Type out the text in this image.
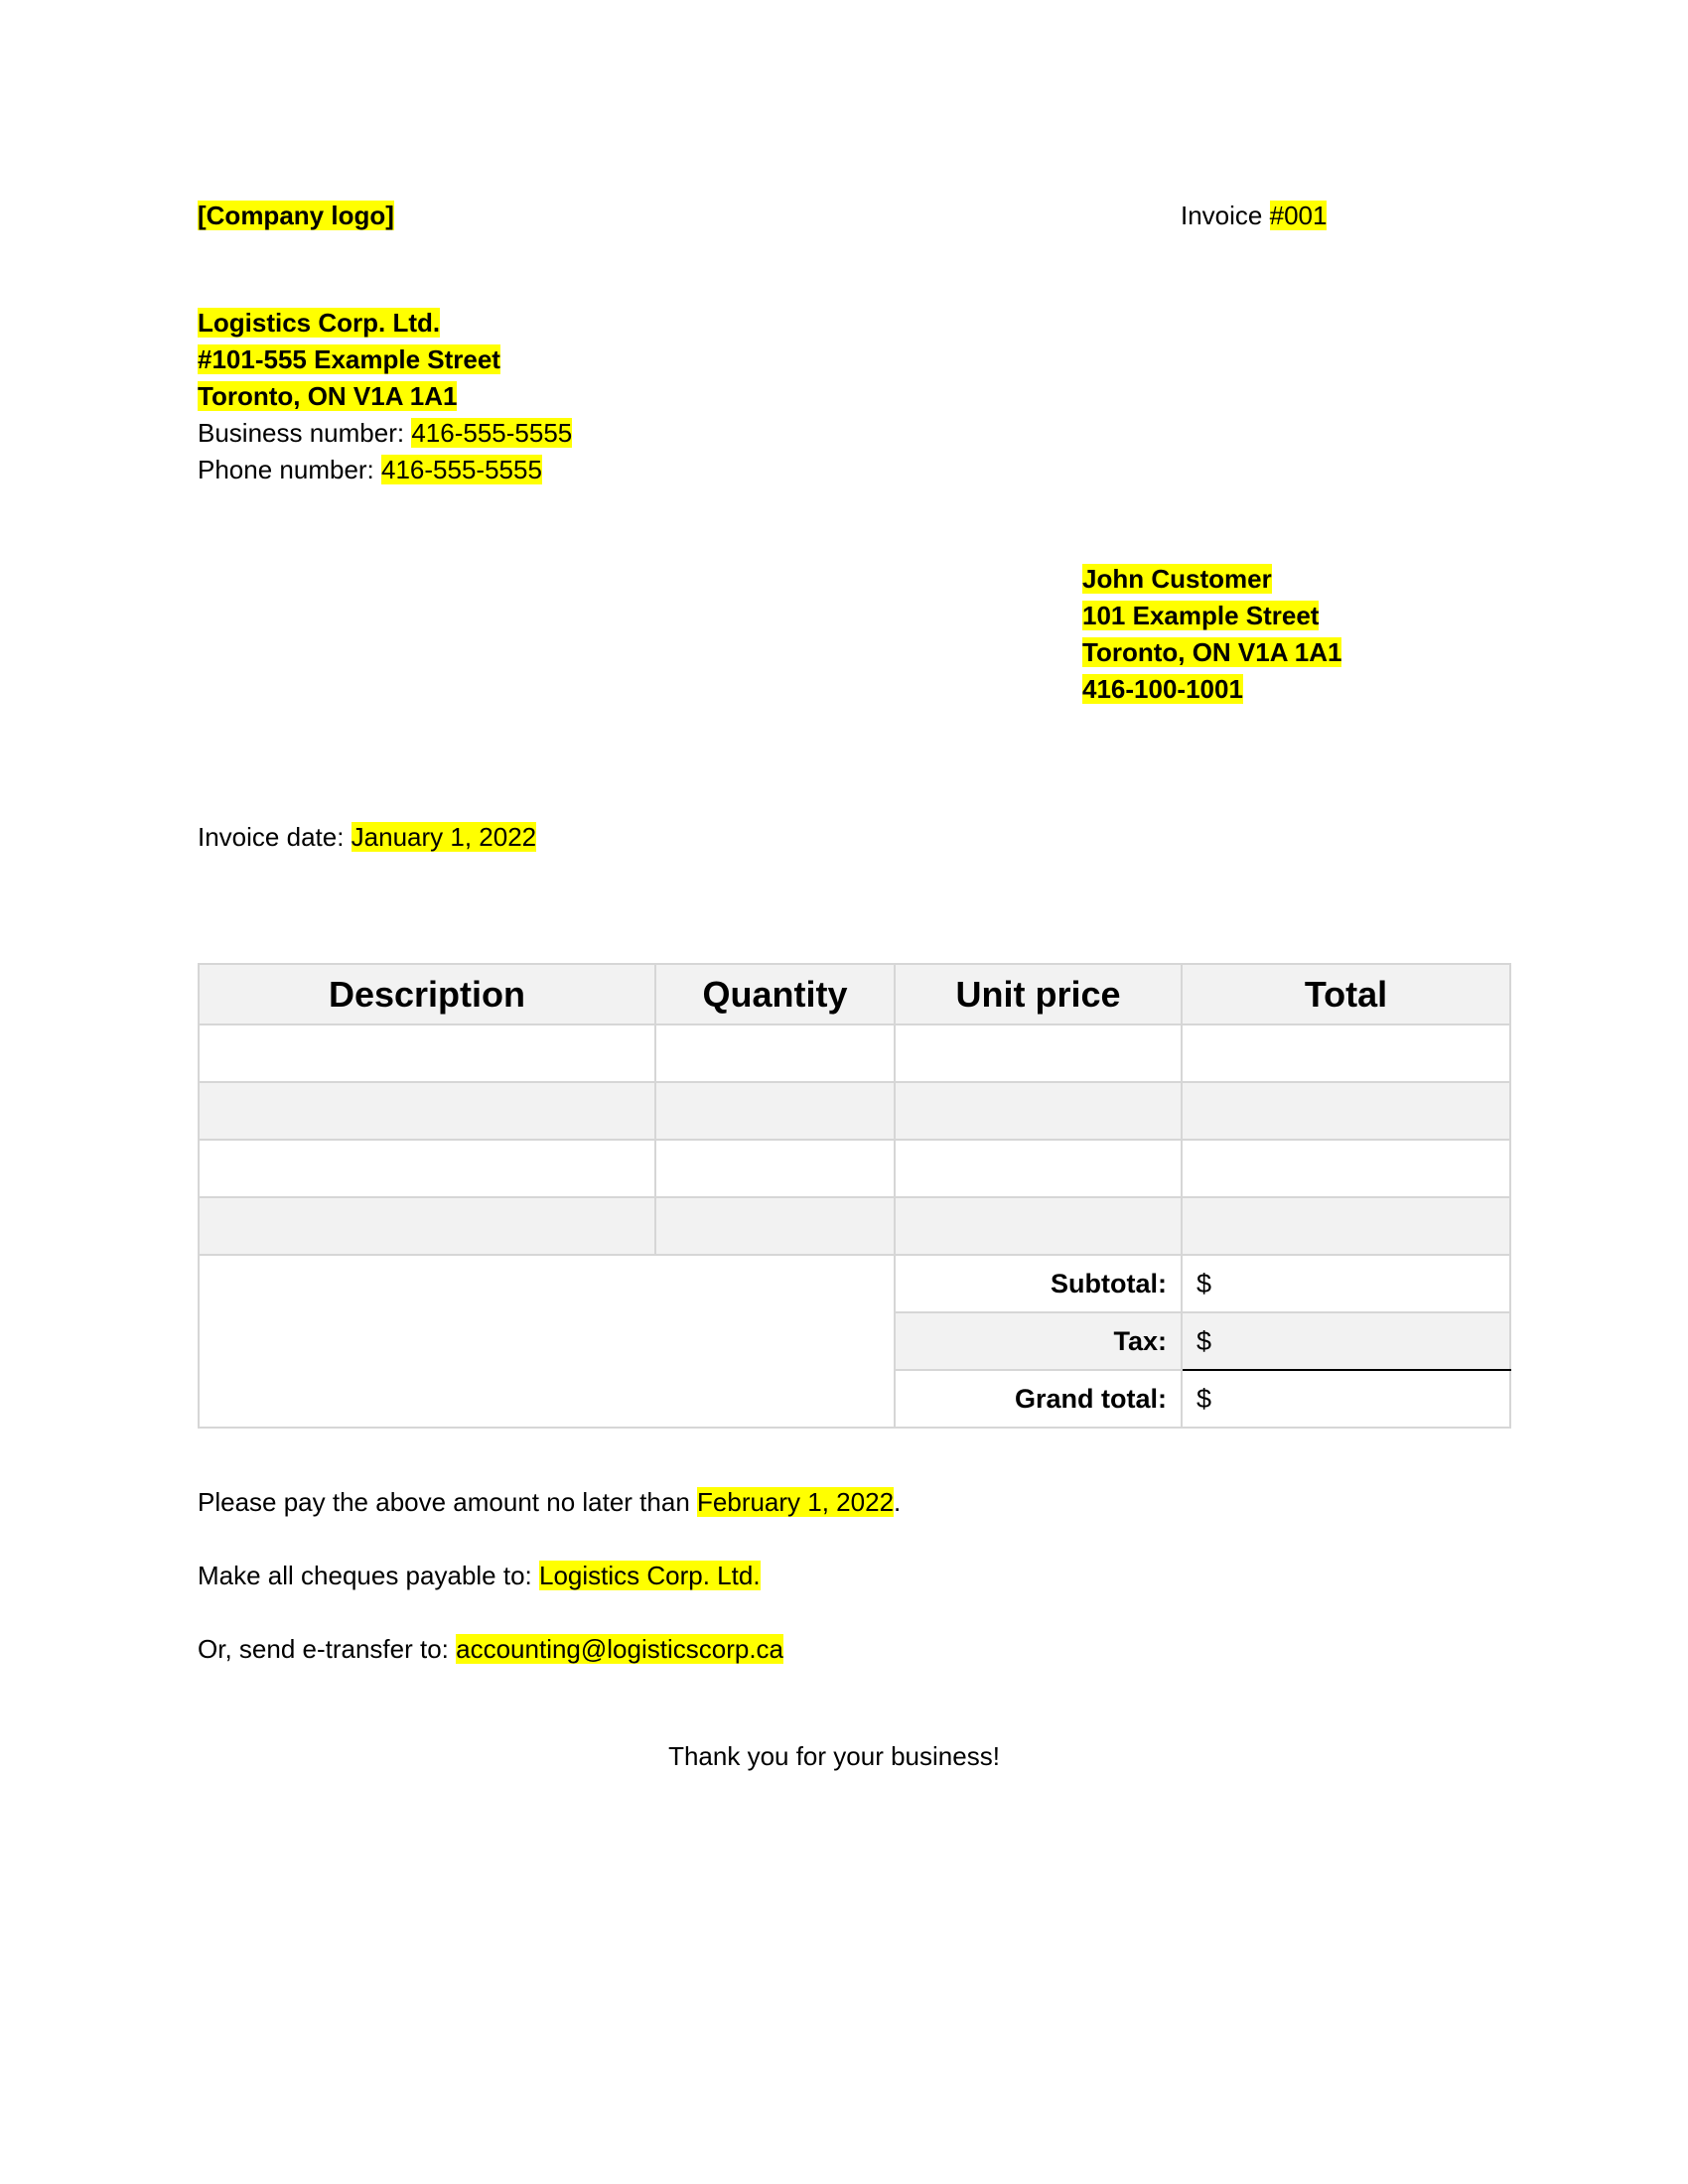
[Company logo]	Invoice #001
Logistics Corp. Ltd.
#101-555 Example Street
Toronto, ON V1A 1A1
Business number: 416-555-5555
Phone number: 416-555-5555
John Customer
101 Example Street
Toronto, ON V1A 1A1
416-100-1001
Invoice date: January 1, 2022
Description	Quantity	Unit price	Total

		Subtotal:	$
		Tax:	$
		Grand total:	$
Please pay the above amount no later than February 1, 2022.
Make all cheques payable to: Logistics Corp. Ltd.
Or, send e-transfer to: accounting@logisticscorp.ca
Thank you for your business!
